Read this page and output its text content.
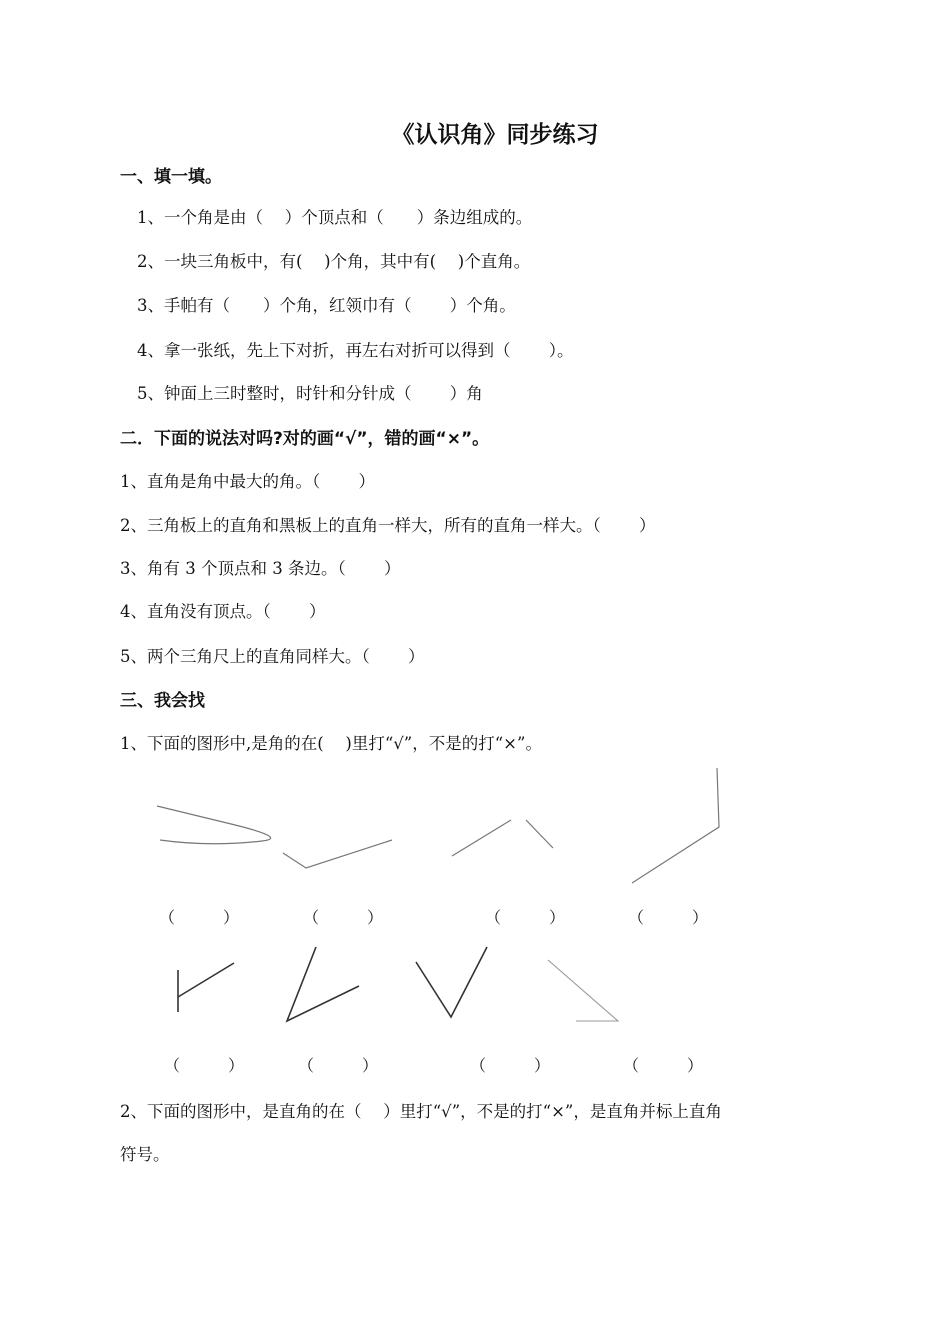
《认识角》同步练习
一、填一填。
1、一个角是由（　 ）个顶点和（　　）条边组成的。
2、一块三角板中，有(　 )个角，其中有(　 )个直角。
3、手帕有（　　）个角，红领巾有（　　 ）个角。
4、拿一张纸，先上下对折，再左右对折可以得到（　　 ）。
5、钟面上三时整时，时针和分针成（　　 ）角
二．下面的说法对吗?对的画“√”，错的画“×”。
1、直角是角中最大的角。（　　 ）
2、三角板上的直角和黑板上的直角一样大，所有的直角一样大。（　　 ）
3、角有 3 个顶点和 3 条边。（　　 ）
4、直角没有顶点。（　　 ）
5、两个三角尺上的直角同样大。（　　 ）
三、我会找
1、下面的图形中,是角的在(　 )里打“√”，不是的打“×”。
（　　　）	（　　　）	（　　　）	（　　　）
（　　　）	（　　　）	（　　　）	（　　　）
2、下面的图形中，是直角的在（　 ）里打“√”，不是的打“×”，是直角并标上直角
符号。
